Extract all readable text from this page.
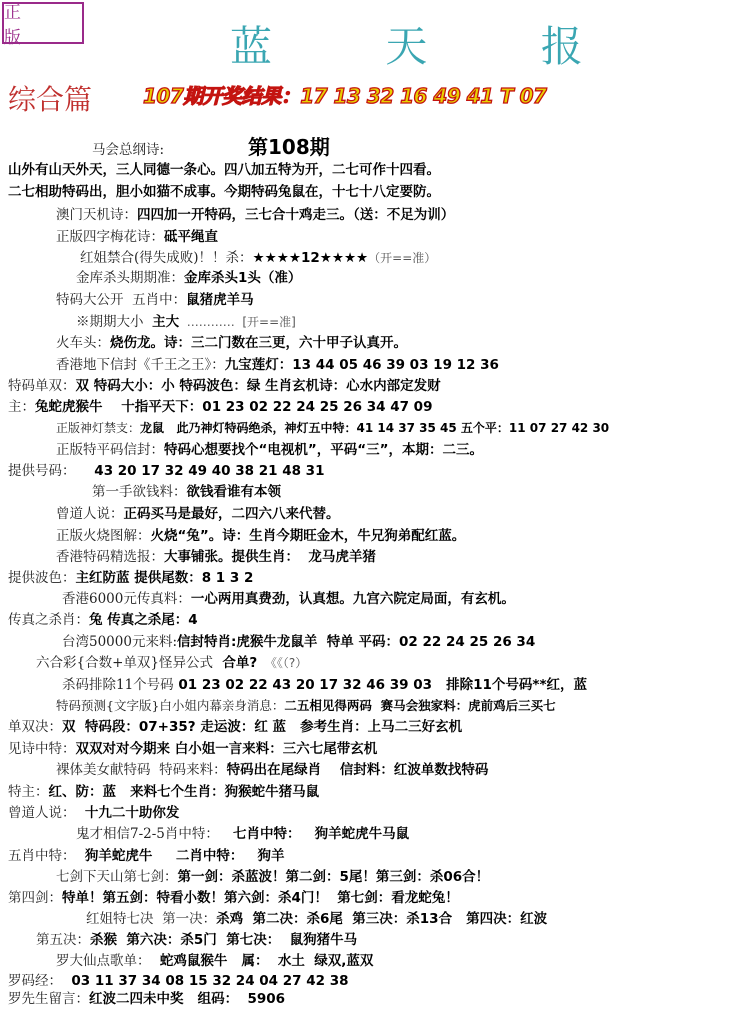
正 版	蓝 天 报
综合篇	107期开奖结果：17 13 32 16 49 41 T 07
第108期
马会总纲诗:
山外有山天外天，三人同德一条心。四八加五特为开，二七可作十四看。
二七相助特码出，胆小如猫不成事。今期特码兔鼠在，十七十八定要防。
澳门天机诗：四四加一开特码，三七合十鸡走三。（送：不足为训）
正版四字梅花诗：砥平绳直
红姐禁合(得失成败)！！杀：★★★★12★★★★（开==准）
金库杀头期期准：金库杀头1头（准）
特码大公开  五肖中：鼠猪虎羊马
※期期大小  主大  …………  [开==准]
火车头：烧伤龙。诗：三二门数在三更，六十甲子认真开。
香港地下信封《千王之王》：九宝莲灯：13 44 05 46 39 03 19 12 36
特码单双：双 特码大小：小 特码波色：绿 生肖玄机诗：心水内部定发财
主：兔蛇虎猴牛    十指平天下：01 23 02 22 24 25 26 34 47 09
正版神灯禁支：龙鼠   此乃神灯特码绝杀，神灯五中特：41 14 37 35 45 五个平：11 07 27 42 30
正版特平码信封：特码心想要找个“电视机”，平码“三”，本期：二三。
提供号码：    43 20 17 32 49 40 38 21 48 31
第一手欲钱料：欲钱看谁有本领
曾道人说：正码买马是最好，二四六八来代替。
正版火烧图解：火烧“兔”。诗：生肖今期旺金木，牛兄狗弟配红蓝。
香港特码精选报：大事铺张。提供生肖：  龙马虎羊猪
提供波色：主红防蓝 提供尾数：8 1 3 2
香港6000元传真料：一心两用真费劲，认真想。九宫六院定局面，有玄机。
传真之杀肖：兔 传真之杀尾：4
台湾50000元来料:信封特肖:虎猴牛龙鼠羊  特单 平码：02 22 24 25 26 34
六合彩{合数+单双}怪异公式  合单?  《《（?）
杀码排除11个号码 01 23 02 22 43 20 17 32 46 39 03   排除11个号码**红，蓝
特码预测{文字版}白小姐内幕亲身消息：二五相见得两码  赛马会独家料：虎前鸡后三买七
单双决：双  特码段：07+35? 走运波：红 蓝   参考生肖：上马二三好玄机
见诗中特：双双对对今期来 白小姐一言来料：三六七尾带玄机
裸体美女献特码  特码来料：特码出在尾绿肖    信封料：红波单数找特码
特主：红、防：蓝   来料七个生肖：狗猴蛇牛猪马鼠
曾道人说：  十九二十助你发
鬼才相信7-2-5肖中特：   七肖中特：   狗羊蛇虎牛马鼠
五肖中特：  狗羊蛇虎牛     二肖中特：   狗羊
七剑下天山第七剑：第一剑：杀蓝波！第二剑：5尾！第三剑：杀06合！
第四剑：特单！第五剑：特看小数！第六剑：杀4门！  第七剑：看龙蛇兔！
红姐特七决  第一决：杀鸡  第二决：杀6尾  第三决：杀13合   第四决：红波
第五决：杀猴  第六决：杀5门  第七决：  鼠狗猪牛马
罗大仙点歌单：  蛇鸡鼠猴牛   属：  水土  绿双,蓝双
罗码经：  03 11 37 34 08 15 32 24 04 27 42 38
罗先生留言：红波二四未中奖   组码：  5906
